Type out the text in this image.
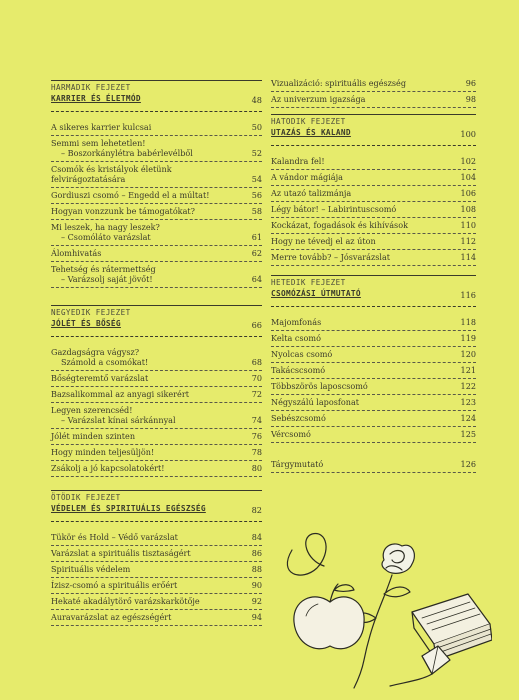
HARMADIK FEJEZET
KARRIER ÉS ÉLETMÓD	48
A sikeres karrier kulcsai	50
Semmi sem lehetetlen!
– Boszorkánylétra babérlevélből	52
Csomók és kristályok életünk
felvirágoztatására	54
Gordiuszi csomó – Engedd el a múltat!	56
Hogyan vonzzunk be támogatókat?	58
Mi leszek, ha nagy leszek?
– Csomóláto varázslat	61
Álomhivatás	62
Tehetség és rátermettség
– Varázsolj saját jövőt!	64
NEGYEDIK FEJEZET
JÓLÉT ÉS BŐSÉG	66
Gazdagságra vágysz?
Számold a csomókat!	68
Bőségteremtő varázslat	70
Bazsalikommal az anyagi sikerért	72
Legyen szerencséd!
– Varázslat kínai sárkánnyal	74
Jólét minden szinten	76
Hogy minden teljesüljön!	78
Zsákolj a jó kapcsolatokért!	80
ÖTÖDIK FEJEZET
VÉDELEM ÉS SPIRITUÁLIS EGÉSZSÉG	82
Tükör és Hold – Védő varázslat	84
Varázslat a spirituális tisztaságért	86
Spirituális védelem	88
Ízisz-csomó a spirituális erőért	90
Hekaté akadálytörő varázskarkötője	92
Auravarázslat az egészségért	94
Vizualizáció: spirituális egészség	96
Az univerzum igazsága	98
HATODIK FEJEZET
UTAZÁS ÉS KALAND	100
Kalandra fel!	102
A vándor mágiája	104
Az utazó talizmánja	106
Légy bátor! – Labirintuscsomó	108
Kockázat, fogadások és kihívások	110
Hogy ne tévedj el az úton	112
Merre tovább? – Jósvarázslat	114
HETEDIK FEJEZET
CSOMÓZÁSI ÚTMUTATÓ	116
Majomfonás	118
Kelta csomó	119
Nyolcas csomó	120
Takácscsomó	121
Többszörös laposcsomó	122
Négyszálú laposfonat	123
Sebészcsomó	124
Vércsomó	125
Tárgymutató	126
